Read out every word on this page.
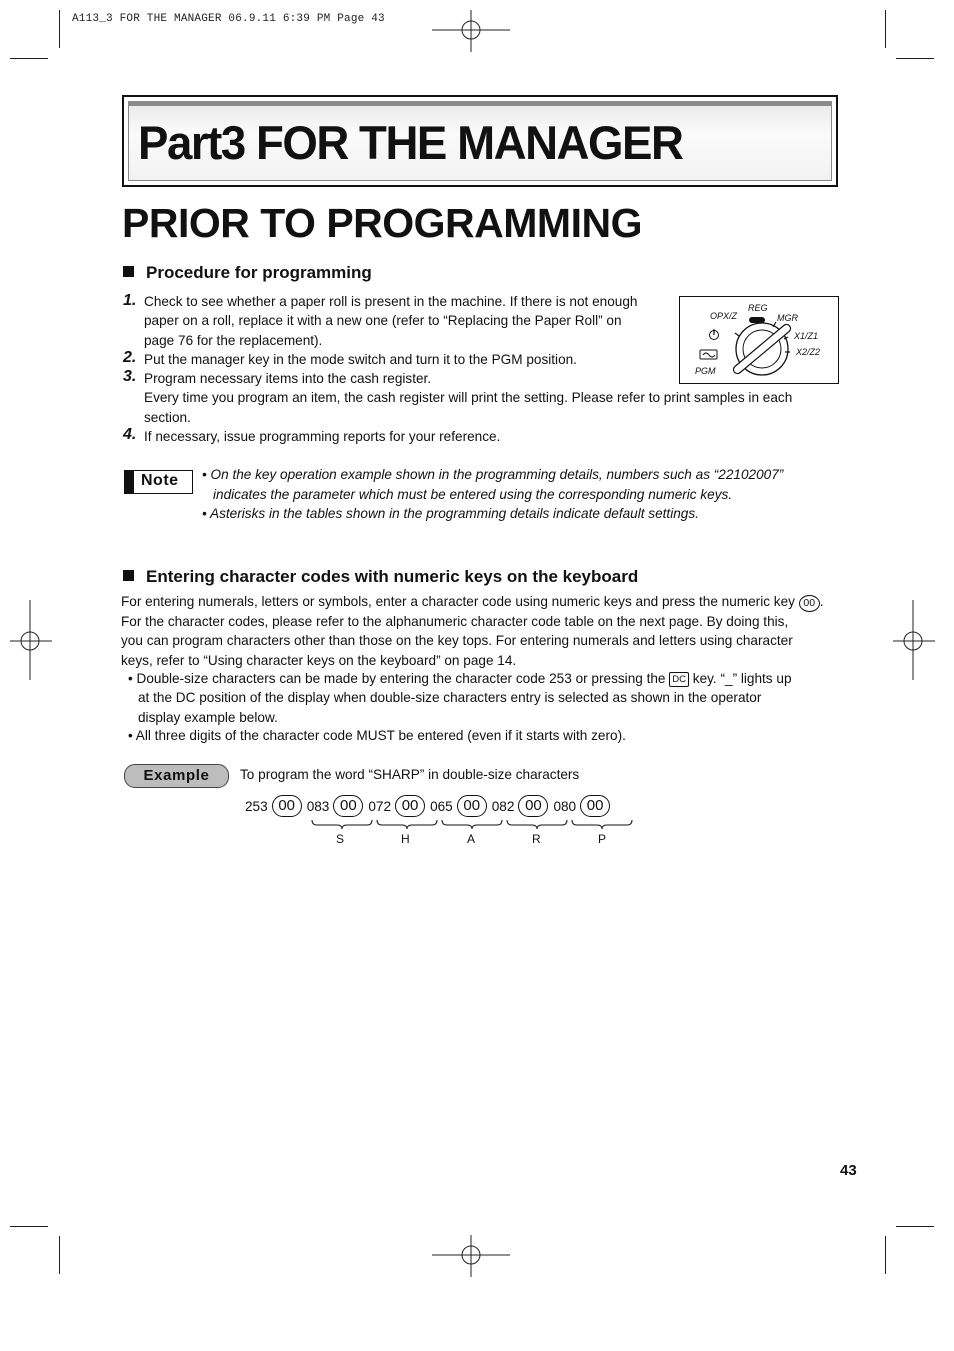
A113_3 FOR THE MANAGER 06.9.11 6:39 PM Page 43
Part3 FOR THE MANAGER
PRIOR TO PROGRAMMING
Procedure for programming
1. Check to see whether a paper roll is present in the machine. If there is not enough
paper on a roll, replace it with a new one (refer to “Replacing the Paper Roll” on
page 76 for the replacement).
2. Put the manager key in the mode switch and turn it to the PGM position.
3. Program necessary items into the cash register.
Every time you program an item, the cash register will print the setting. Please refer to print samples in each
section.
4. If necessary, issue programming reports for your reference.
OPX/Z
REG
MGR
X1/Z1
X2/Z2
PGM
Note • On the key operation example shown in the programming details, numbers such as “22102007”
indicates the parameter which must be entered using the corresponding numeric keys.
• Asterisks in the tables shown in the programming details indicate default settings.
Entering character codes with numeric keys on the keyboard
For entering numerals, letters or symbols, enter a character code using numeric keys and press the numeric key 00 .
For the character codes, please refer to the alphanumeric character code table on the next page. By doing this,
you can program characters other than those on the key tops. For entering numerals and letters using character
keys, refer to “Using character keys on the keyboard” on page 14.
• Double-size characters can be made by entering the character code 253 or pressing the DC key. “_” lights up
at the DC position of the display when double-size characters entry is selected as shown in the operator
display example below.
• All three digits of the character code MUST be entered (even if it starts with zero).
Example	To program the word “SHARP” in double-size characters
253 00 083 00 072 00 065 00 082 00 080 00
S	H	A	R	P
43
